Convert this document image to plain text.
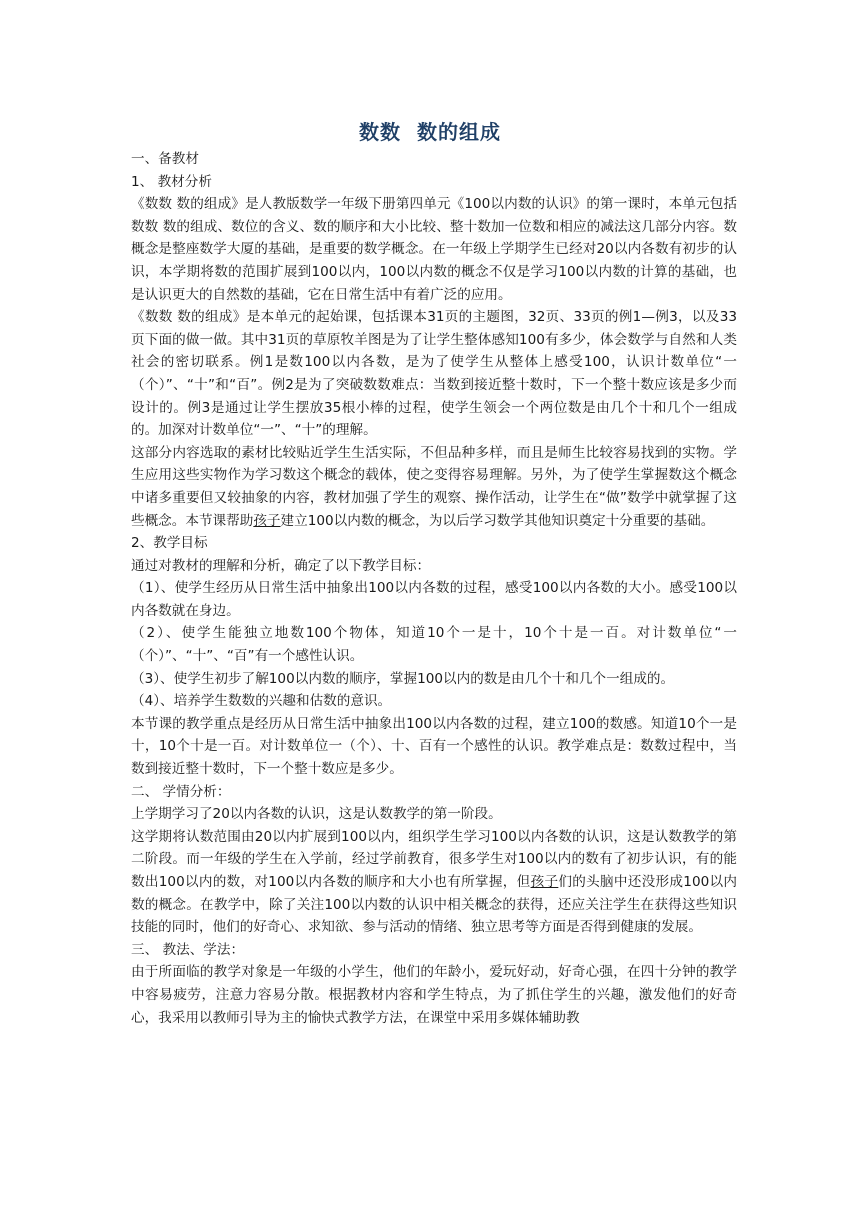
数数  数的组成

一、备教材

1、 教材分析

《数数 数的组成》是人教版数学一年级下册第四单元《100以内数的认识》的第一课时，本单元包括数数 数的组成、数位的含义、数的顺序和大小比较、整十数加一位数和相应的减法这几部分内容。数概念是整座数学大厦的基础，是重要的数学概念。在一年级上学期学生已经对20以内各数有初步的认识，本学期将数的范围扩展到100以内，100以内数的概念不仅是学习100以内数的计算的基础，也是认识更大的自然数的基础，它在日常生活中有着广泛的应用。

《数数 数的组成》是本单元的起始课，包括课本31页的主题图，32页、33页的例1—例3，以及33页下面的做一做。其中31页的草原牧羊图是为了让学生整体感知100有多少，体会数学与自然和人类社会的密切联系。例1是数100以内各数，是为了使学生从整体上感受100，认识计数单位“一（个）”、“十”和“百”。例2是为了突破数数难点：当数到接近整十数时，下一个整十数应该是多少而设计的。例3是通过让学生摆放35根小棒的过程，使学生领会一个两位数是由几个十和几个一组成的。加深对计数单位“一”、“十”的理解。

这部分内容选取的素材比较贴近学生生活实际，不但品种多样，而且是师生比较容易找到的实物。学生应用这些实物作为学习数这个概念的载体，使之变得容易理解。另外，为了使学生掌握数这个概念中诸多重要但又较抽象的内容，教材加强了学生的观察、操作活动，让学生在“做”数学中就掌握了这些概念。本节课帮助孩子建立100以内数的概念，为以后学习数学其他知识奠定十分重要的基础。

2、教学目标

通过对教材的理解和分析，确定了以下教学目标：

（1）、使学生经历从日常生活中抽象出100以内各数的过程，感受100以内各数的大小。感受100以内各数就在身边。

（2）、使学生能独立地数100个物体，知道10个一是十，10个十是一百。对计数单位“一（个）”、“十”、“百”有一个感性认识。

（3）、使学生初步了解100以内数的顺序，掌握100以内的数是由几个十和几个一组成的。

（4）、培养学生数数的兴趣和估数的意识。

本节课的教学重点是经历从日常生活中抽象出100以内各数的过程，建立100的数感。知道10个一是十，10个十是一百。对计数单位一（个）、十、百有一个感性的认识。教学难点是：数数过程中，当数到接近整十数时，下一个整十数应是多少。

二、 学情分析：

上学期学习了20以内各数的认识，这是认数教学的第一阶段。

这学期将认数范围由20以内扩展到100以内，组织学生学习100以内各数的认识，这是认数教学的第二阶段。而一年级的学生在入学前，经过学前教育，很多学生对100以内的数有了初步认识，有的能数出100以内的数，对100以内各数的顺序和大小也有所掌握，但孩子们的头脑中还没形成100以内数的概念。在教学中，除了关注100以内数的认识中相关概念的获得，还应关注学生在获得这些知识技能的同时，他们的好奇心、求知欲、参与活动的情绪、独立思考等方面是否得到健康的发展。

三、 教法、学法：

由于所面临的教学对象是一年级的小学生，他们的年龄小，爱玩好动，好奇心强，在四十分钟的教学中容易疲劳，注意力容易分散。根据教材内容和学生特点，为了抓住学生的兴趣，激发他们的好奇心，我采用以教师引导为主的愉快式教学方法，在课堂中采用多媒体辅助教
